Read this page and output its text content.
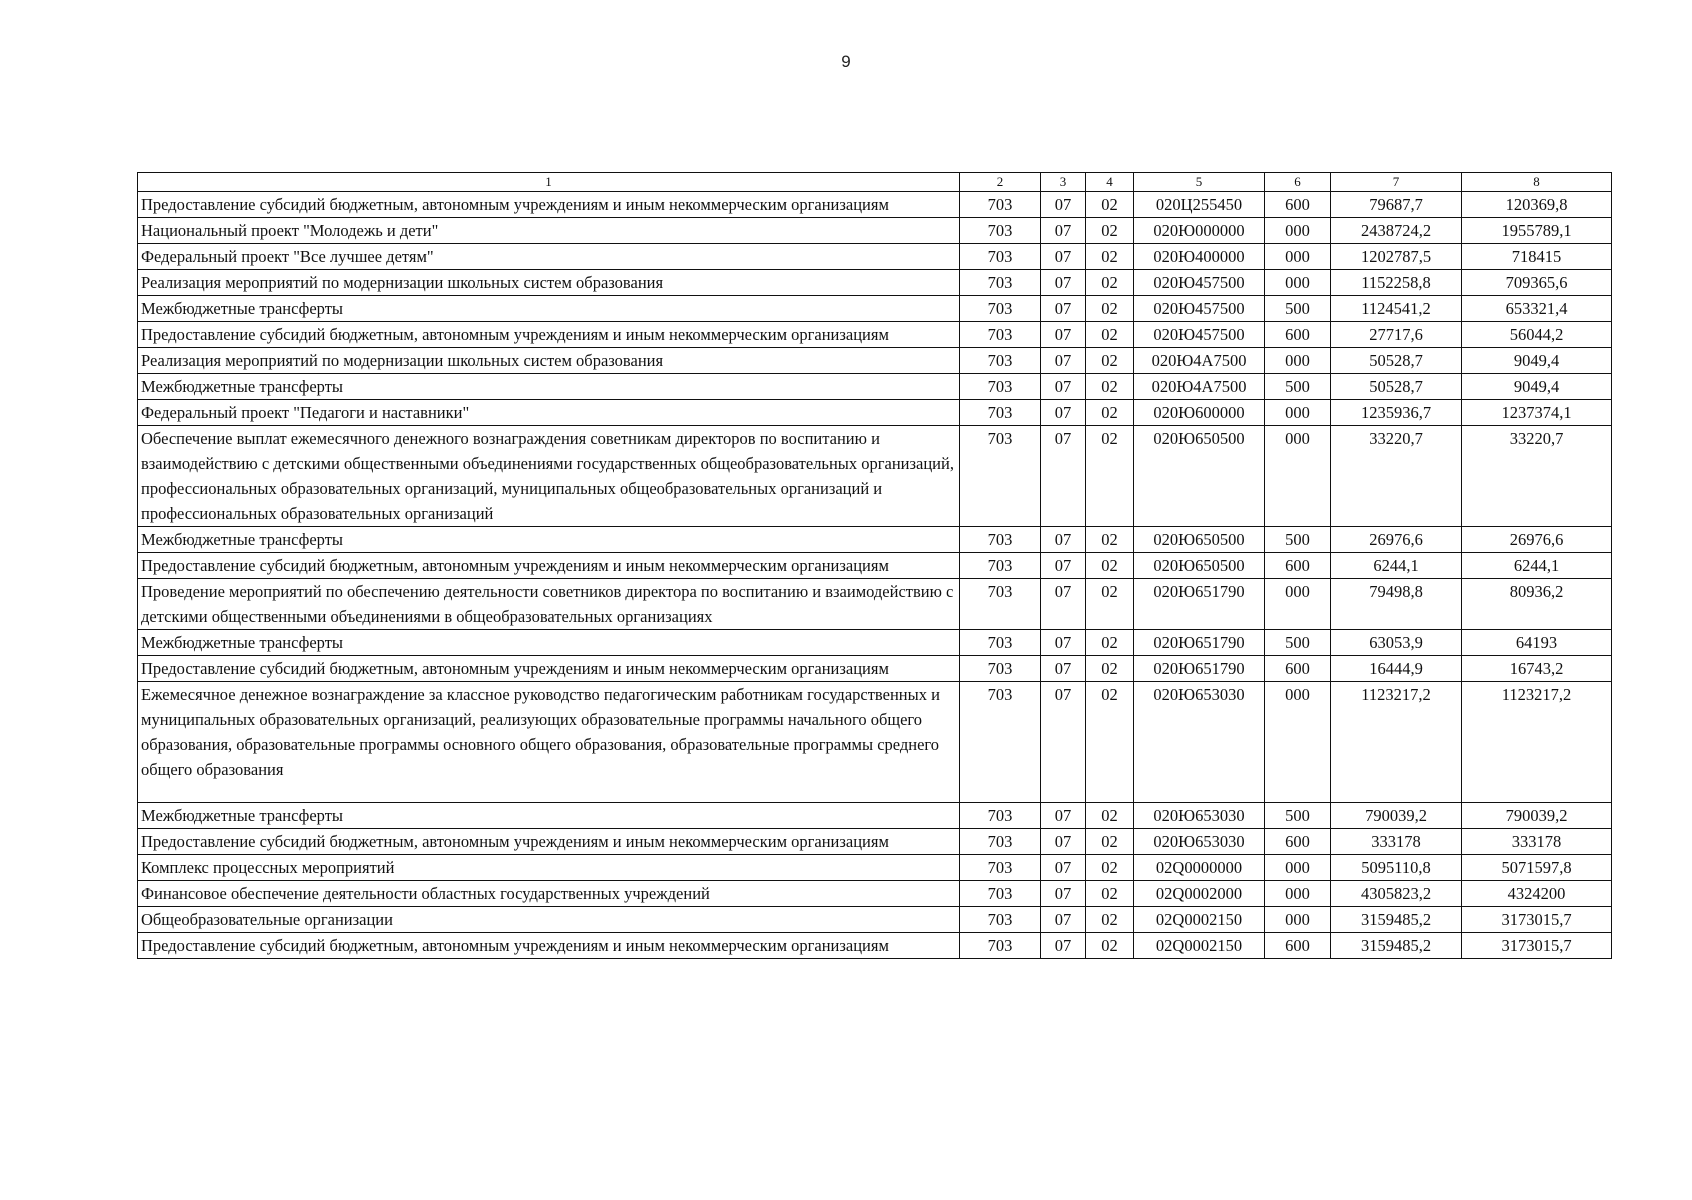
9
1	2	3	4	5	6	7	8
Предоставление субсидий бюджетным, автономным учреждениям и иным некоммерческим организациям	703	07	02	020Ц255450	600	79687,7	120369,8
Национальный проект "Молодежь и дети"	703	07	02	020Ю000000	000	2438724,2	1955789,1
Федеральный проект "Все лучшее детям"	703	07	02	020Ю400000	000	1202787,5	718415
Реализация мероприятий по модернизации школьных систем образования	703	07	02	020Ю457500	000	1152258,8	709365,6
Межбюджетные трансферты	703	07	02	020Ю457500	500	1124541,2	653321,4
Предоставление субсидий бюджетным, автономным учреждениям и иным некоммерческим организациям	703	07	02	020Ю457500	600	27717,6	56044,2
Реализация мероприятий по модернизации школьных систем образования	703	07	02	020Ю4А7500	000	50528,7	9049,4
Межбюджетные трансферты	703	07	02	020Ю4А7500	500	50528,7	9049,4
Федеральный проект "Педагоги и наставники"	703	07	02	020Ю600000	000	1235936,7	1237374,1
Обеспечение выплат ежемесячного денежного вознаграждения советникам директоров по воспитанию и взаимодействию с детскими общественными объединениями государственных общеобразовательных организаций, профессиональных образовательных организаций, муниципальных общеобразовательных организаций и профессиональных образовательных организаций	703	07	02	020Ю650500	000	33220,7	33220,7
Межбюджетные трансферты	703	07	02	020Ю650500	500	26976,6	26976,6
Предоставление субсидий бюджетным, автономным учреждениям и иным некоммерческим организациям	703	07	02	020Ю650500	600	6244,1	6244,1
Проведение мероприятий по обеспечению деятельности советников директора по воспитанию и взаимодействию с детскими общественными объединениями в общеобразовательных организациях	703	07	02	020Ю651790	000	79498,8	80936,2
Межбюджетные трансферты	703	07	02	020Ю651790	500	63053,9	64193
Предоставление субсидий бюджетным, автономным учреждениям и иным некоммерческим организациям	703	07	02	020Ю651790	600	16444,9	16743,2
Ежемесячное денежное вознаграждение за классное руководство педагогическим работникам государственных и муниципальных образовательных организаций, реализующих образовательные программы начального общего образования, образовательные программы основного общего образования, образовательные программы среднего общего образования	703	07	02	020Ю653030	000	1123217,2	1123217,2
Межбюджетные трансферты	703	07	02	020Ю653030	500	790039,2	790039,2
Предоставление субсидий бюджетным, автономным учреждениям и иным некоммерческим организациям	703	07	02	020Ю653030	600	333178	333178
Комплекс процессных мероприятий	703	07	02	02Q0000000	000	5095110,8	5071597,8
Финансовое обеспечение деятельности областных государственных учреждений	703	07	02	02Q0002000	000	4305823,2	4324200
Общеобразовательные организации	703	07	02	02Q0002150	000	3159485,2	3173015,7
Предоставление субсидий бюджетным, автономным учреждениям и иным некоммерческим организациям	703	07	02	02Q0002150	600	3159485,2	3173015,7
